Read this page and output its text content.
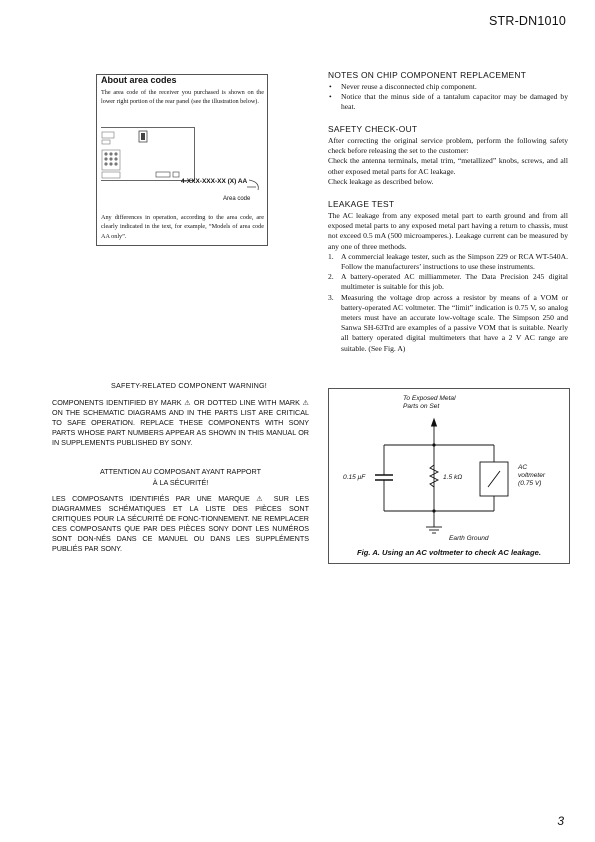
STR-DN1010
About area codes
The area code of the receiver you purchased is shown on the lower right portion of the rear panel (see the illustration below).
4-XXX-XXX-XX (X) AA
Area code
Any differences in operation, according to the area code, are clearly indicated in the text, for example, “Models of area code AA only”.
SAFETY-RELATED COMPONENT WARNING!
COMPONENTS IDENTIFIED BY MARK ⚠ OR DOTTED LINE WITH MARK ⚠ ON THE SCHEMATIC DIAGRAMS AND IN THE PARTS LIST ARE CRITICAL TO SAFE OPERATION. REPLACE THESE COMPONENTS WITH SONY PARTS WHOSE PART NUMBERS APPEAR AS SHOWN IN THIS MANUAL OR IN SUPPLEMENTS PUBLISHED BY SONY.
ATTENTION AU COMPOSANT AYANT RAPPORT
À LA SÉCURITÉ!
LES COMPOSANTS IDENTIFIÉS PAR UNE MARQUE ⚠ SUR LES DIAGRAMMES SCHÉMATIQUES ET LA LISTE DES PIÈCES SONT CRITIQUES POUR LA SÉCURITÉ DE FONC-TIONNEMENT. NE REMPLACER CES COMPOSANTS QUE PAR DES PIÈCES SONY DONT LES NUMÉROS SONT DON-NÉS DANS CE MANUEL OU DANS LES SUPPLÉMENTS PUBLIÉS PAR SONY.
NOTES ON CHIP COMPONENT REPLACEMENT
• Never reuse a disconnected chip component.
• Notice that the minus side of a tantalum capacitor may be damaged by heat.
SAFETY CHECK-OUT
After correcting the original service problem, perform the following safety check before releasing the set to the customer:
Check the antenna terminals, metal trim, “metallized” knobs, screws, and all other exposed metal parts for AC leakage.
Check leakage as described below.
LEAKAGE TEST
The AC leakage from any exposed metal part to earth ground and from all exposed metal parts to any exposed metal part having a return to chassis, must not exceed 0.5 mA (500 microamperes.). Leakage current can be measured by any one of three methods.
1. A commercial leakage tester, such as the Simpson 229 or RCA WT-540A. Follow the manufacturers’ instructions to use these instruments.
2. A battery-operated AC milliammeter. The Data Precision 245 digital multimeter is suitable for this job.
3. Measuring the voltage drop across a resistor by means of a VOM or battery-operated AC voltmeter. The “limit” indication is 0.75 V, so analog meters must have an accurate low-voltage scale. The Simpson 250 and Sanwa SH-63Trd are examples of a passive VOM that is suitable. Nearly all battery operated digital multimeters that have a 2 V AC range are suitable. (See Fig. A)
To Exposed Metal
Parts on Set
0.15 μF	1.5 kΩ
AC
voltmeter
(0.75 V)
Earth Ground
Fig. A. Using an AC voltmeter to check AC leakage.
3
